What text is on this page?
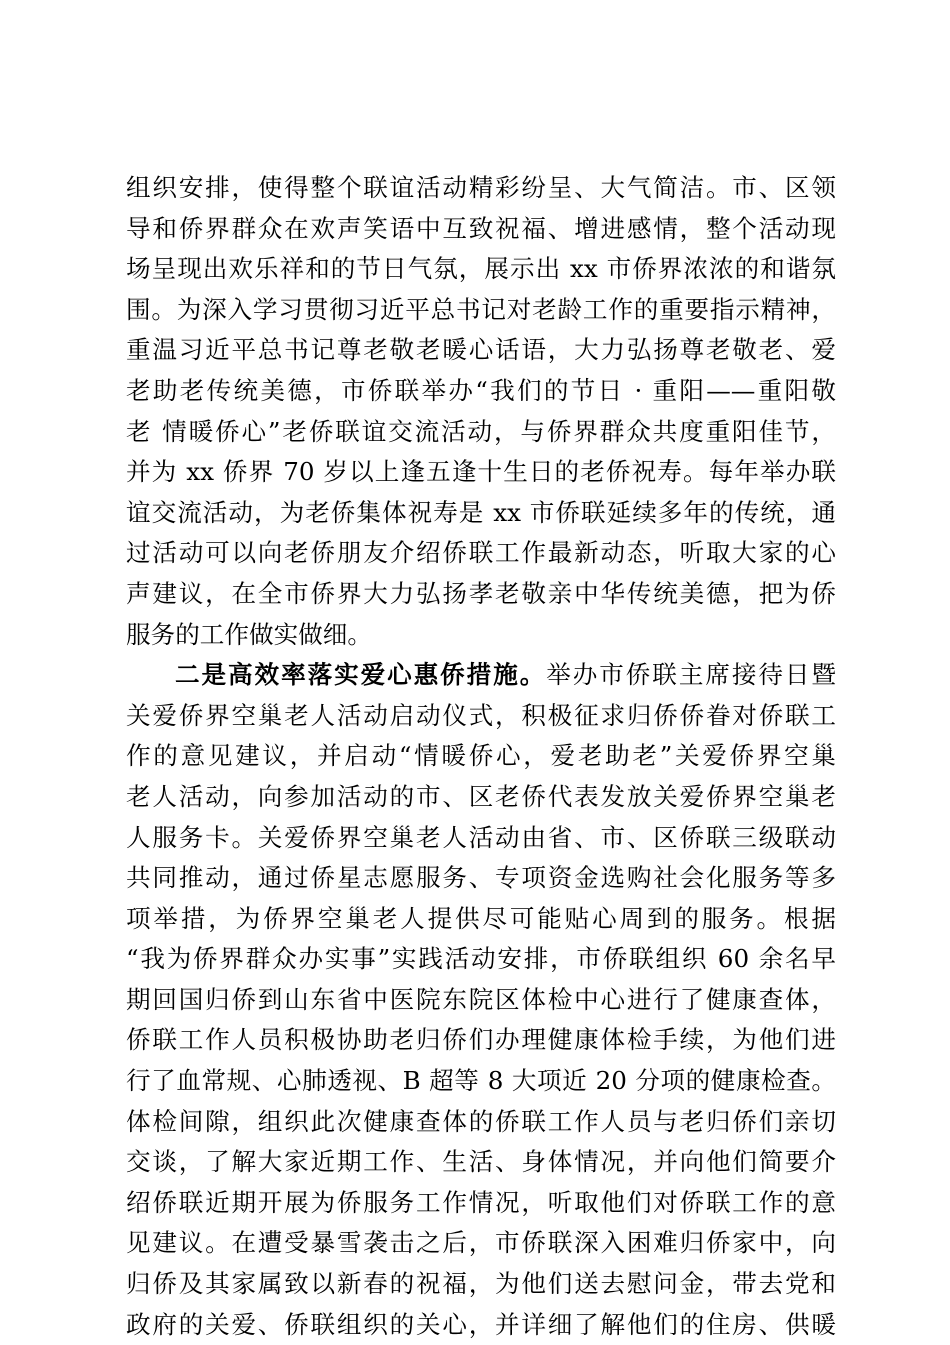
组织安排，使得整个联谊活动精彩纷呈、大气简洁。市、区领
导和侨界群众在欢声笑语中互致祝福、增进感情，整个活动现
场呈现出欢乐祥和的节日气氛，展示出 xx 市侨界浓浓的和谐氛
围。为深入学习贯彻习近平总书记对老龄工作的重要指示精神，
重温习近平总书记尊老敬老暖心话语，大力弘扬尊老敬老、爱
老助老传统美德，市侨联举办“我们的节日 · 重阳——重阳敬
老 情暖侨心”老侨联谊交流活动，与侨界群众共度重阳佳节，
并为 xx 侨界 70 岁以上逢五逢十生日的老侨祝寿。每年举办联
谊交流活动，为老侨集体祝寿是 xx 市侨联延续多年的传统，通
过活动可以向老侨朋友介绍侨联工作最新动态，听取大家的心
声建议，在全市侨界大力弘扬孝老敬亲中华传统美德，把为侨
服务的工作做实做细。
二是高效率落实爱心惠侨措施。举办市侨联主席接待日暨
关爱侨界空巢老人活动启动仪式，积极征求归侨侨眷对侨联工
作的意见建议，并启动“情暖侨心，爱老助老”关爱侨界空巢
老人活动，向参加活动的市、区老侨代表发放关爱侨界空巢老
人服务卡。关爱侨界空巢老人活动由省、市、区侨联三级联动
共同推动，通过侨星志愿服务、专项资金选购社会化服务等多
项举措，为侨界空巢老人提供尽可能贴心周到的服务。根据
“我为侨界群众办实事”实践活动安排，市侨联组织 60 余名早
期回国归侨到山东省中医院东院区体检中心进行了健康查体，
侨联工作人员积极协助老归侨们办理健康体检手续，为他们进
行了血常规、心肺透视、B 超等 8 大项近 20 分项的健康检查。
体检间隙，组织此次健康查体的侨联工作人员与老归侨们亲切
交谈，了解大家近期工作、生活、身体情况，并向他们简要介
绍侨联近期开展为侨服务工作情况，听取他们对侨联工作的意
见建议。在遭受暴雪袭击之后，市侨联深入困难归侨家中，向
归侨及其家属致以新春的祝福，为他们送去慰问金，带去党和
政府的关爱、侨联组织的关心，并详细了解他们的住房、供暖
